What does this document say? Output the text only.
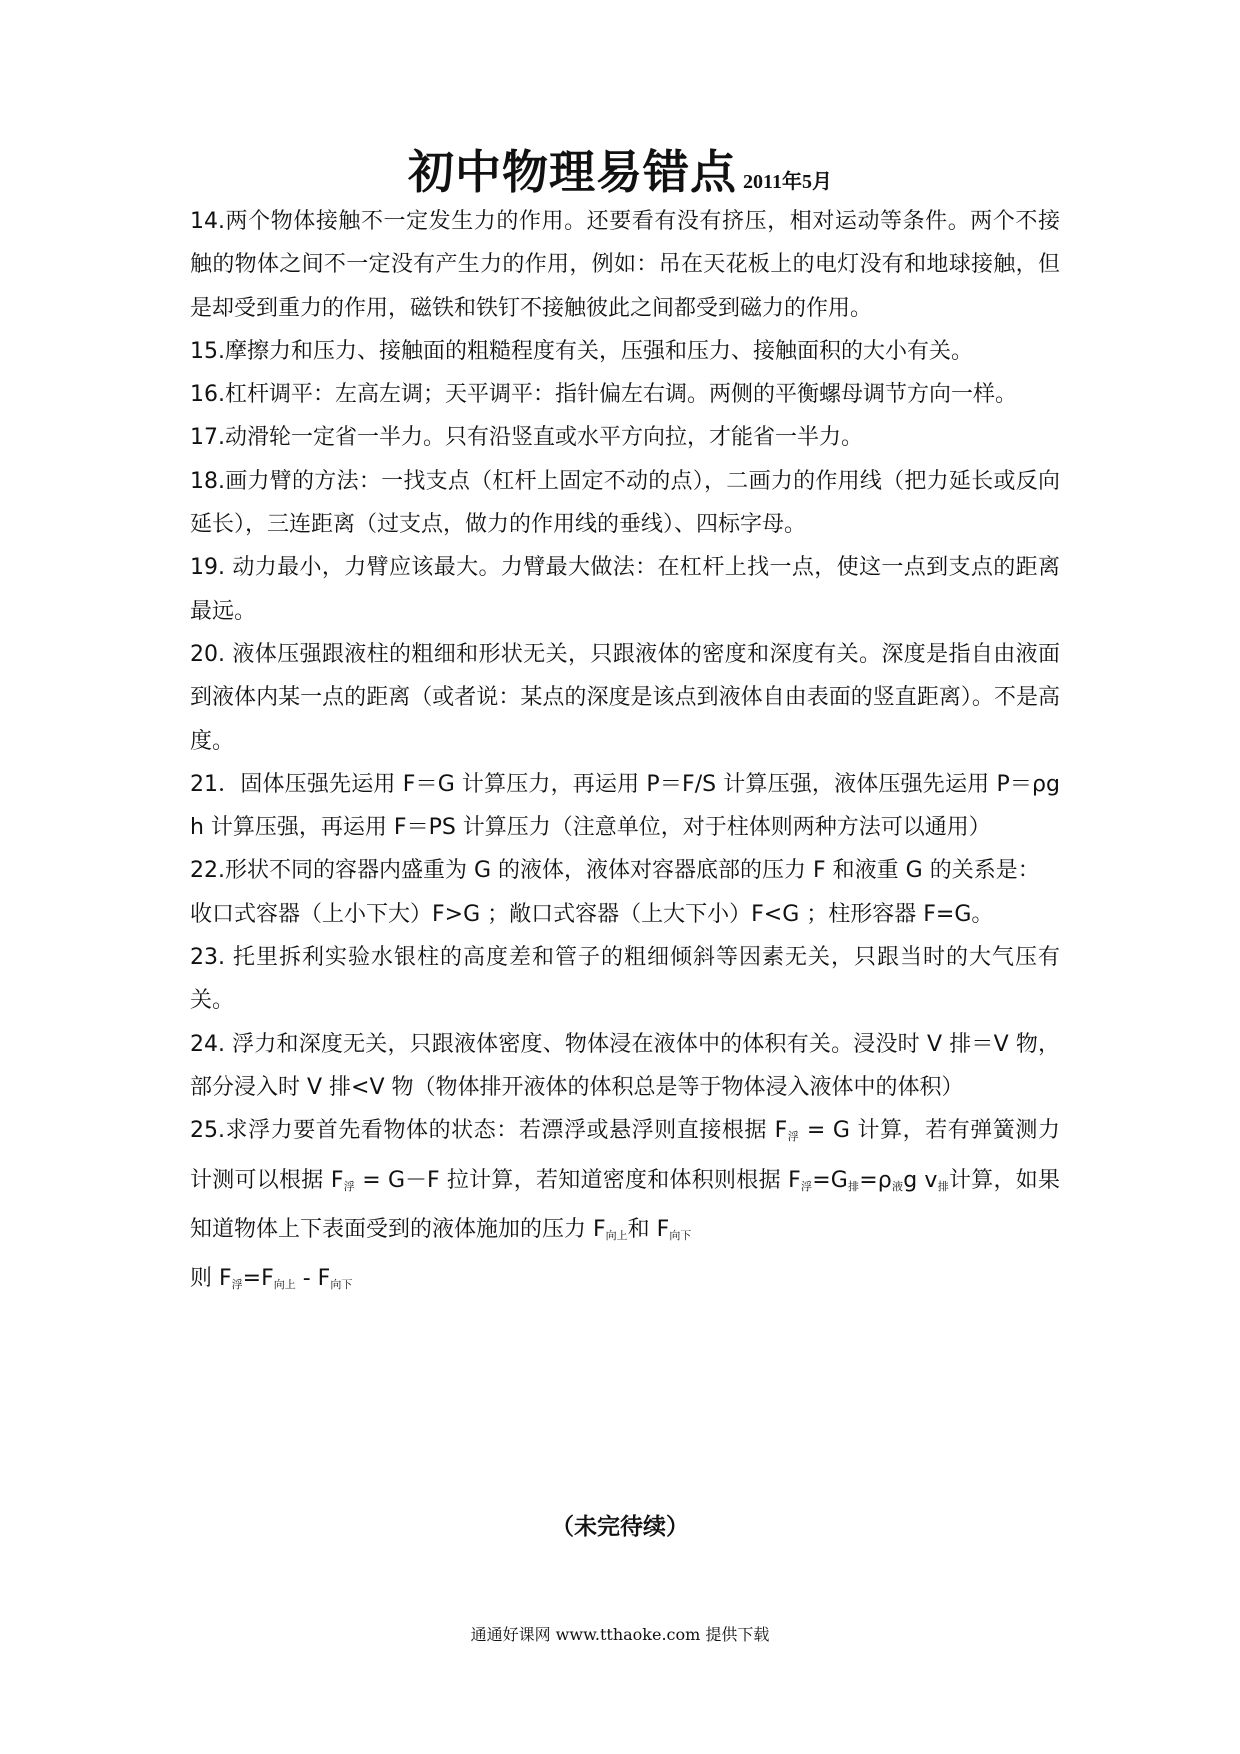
初中物理易错点 2011年5月

14.两个物体接触不一定发生力的作用。还要看有没有挤压，相对运动等条件。两个不接触的物体之间不一定没有产生力的作用，例如：吊在天花板上的电灯没有和地球接触，但是却受到重力的作用，磁铁和铁钉不接触彼此之间都受到磁力的作用。

15.摩擦力和压力、接触面的粗糙程度有关，压强和压力、接触面积的大小有关。

16.杠杆调平：左高左调；天平调平：指针偏左右调。两侧的平衡螺母调节方向一样。

17.动滑轮一定省一半力。只有沿竖直或水平方向拉，才能省一半力。

18.画力臂的方法：一找支点（杠杆上固定不动的点），二画力的作用线（把力延长或反向延长），三连距离（过支点，做力的作用线的垂线）、四标字母。

19. 动力最小，力臂应该最大。力臂最大做法：在杠杆上找一点，使这一点到支点的距离最远。

20. 液体压强跟液柱的粗细和形状无关，只跟液体的密度和深度有关。深度是指自由液面到液体内某一点的距离（或者说：某点的深度是该点到液体自由表面的竖直距离）。不是高度。

21．固体压强先运用 F＝G 计算压力，再运用 P＝F/S 计算压强，液体压强先运用 P＝ρg h 计算压强，再运用 F＝PS 计算压力（注意单位，对于柱体则两种方法可以通用）

22.形状不同的容器内盛重为 G 的液体，液体对容器底部的压力 F 和液重 G 的关系是：

收口式容器（上小下大）F>G ；敞口式容器（上大下小）F<G ；柱形容器 F=G。

23. 托里拆利实验水银柱的高度差和管子的粗细倾斜等因素无关，只跟当时的大气压有关。

24. 浮力和深度无关，只跟液体密度、物体浸在液体中的体积有关。浸没时 V 排＝V 物，部分浸入时 V 排<V 物（物体排开液体的体积总是等于物体浸入液体中的体积）

25.求浮力要首先看物体的状态：若漂浮或悬浮则直接根据 $F_浮 = G$ 计算，若有弹簧测力计测可以根据 $F_浮 = G-F$ 拉计算，若知道密度和体积则根据 $F_浮=G_排=\rho_液g$ $v_排$计算，如果知道物体上下表面受到的液体施加的压力 $F_{向上}$和 $F_{向下}$

则 $F_浮=F_{向上} - F_{向下}$

（未完待续）
通通好课网 www.tthaoke.com 提供下载
